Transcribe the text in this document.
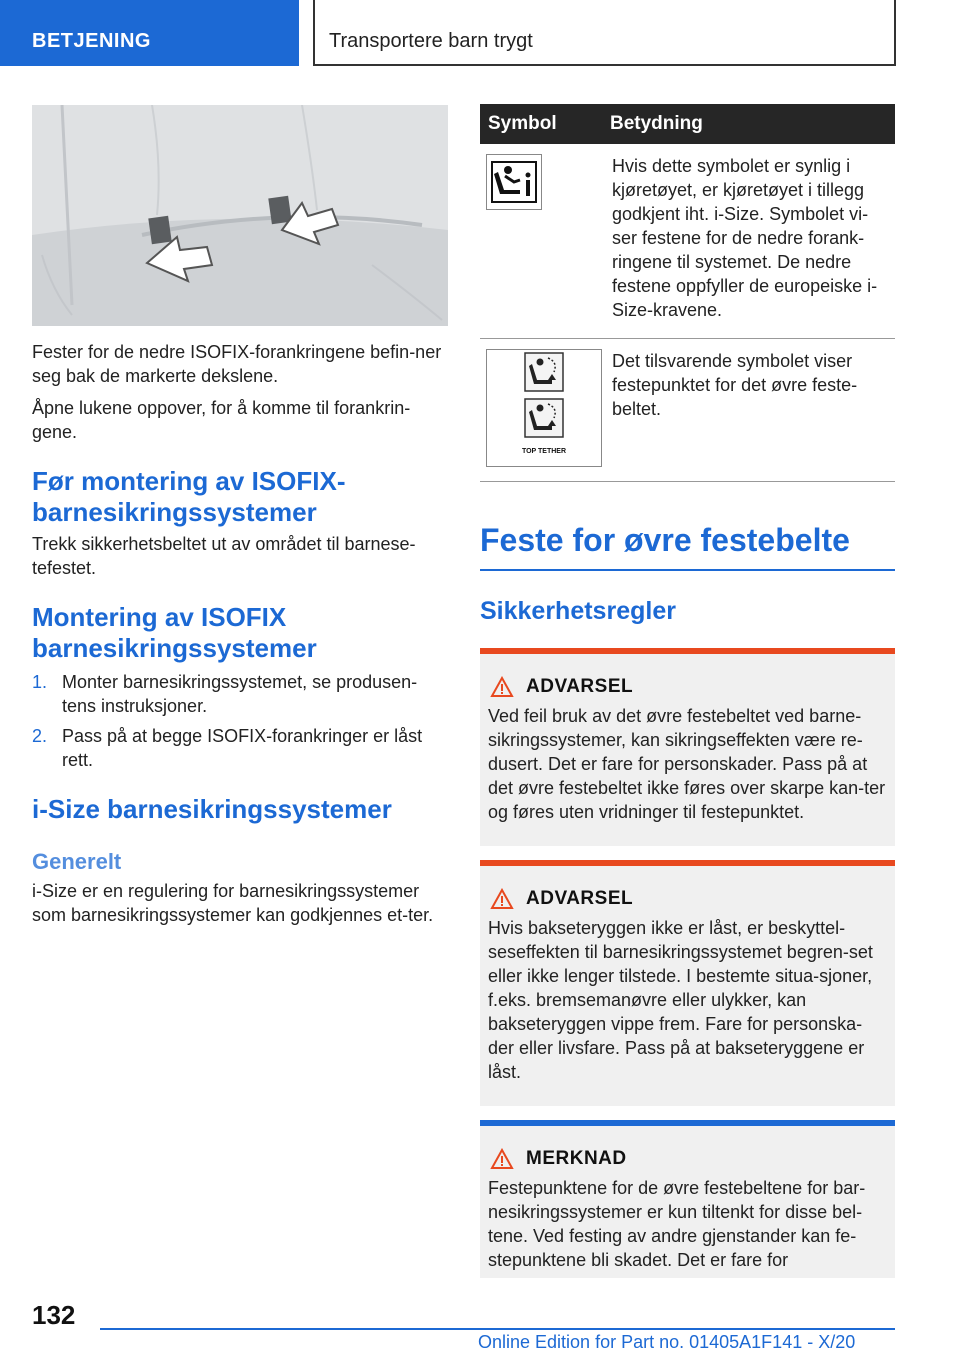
BETJENING	Transportere barn trygt

Fester for de nedre ISOFIX-forankringene befin-ner seg bak de markerte dekslene.

Åpne lukene oppover, for å komme til forankrin-gene.

Før montering av ISOFIX-barnesikringssystemer

Trekk sikkerhetsbeltet ut av området til barnese-tefestet.

Montering av ISOFIX barnesikringssystemer
1. Monter barnesikringssystemet, se produsen-tens instruksjoner.
2. Pass på at begge ISOFIX-forankringer er låst rett.
i-Size barnesikringssystemer
Generelt

i-Size er en regulering for barnesikringssystemer som barnesikringssystemer kan godkjennes et-ter.

Symbol	Betydning

	Hvis dette symbolet er synlig i kjøretøyet, er kjøretøyet i tillegg godkjent iht. i-Size. Symbolet vi-ser festene for de nedre forank-ringene til systemet. De nedre festene oppfyller de europeiske i-Size-kravene.

TOP TETHER	Det tilsvarende symbolet viser festepunktet for det øvre feste-beltet.
Feste for øvre festebelte
Sikkerhetsregler
ADVARSEL

Ved feil bruk av det øvre festebeltet ved barne-sikringssystemer, kan sikringseffekten være re-dusert. Det er fare for personskader. Pass på at det øvre festebeltet ikke føres over skarpe kan-ter og føres uten vridninger til festepunktet.

ADVARSEL

Hvis bakseteryggen ikke er låst, er beskyttel-seseffekten til barnesikringssystemet begren-set eller ikke lenger tilstede. I bestemte situa-sjoner, f.eks. bremsemanøvre eller ulykker, kan bakseteryggen vippe frem. Fare for personska-der eller livsfare. Pass på at bakseteryggene er låst.

MERKNAD

Festepunktene for de øvre festebeltene for bar-nesikringssystemer er kun tiltenkt for disse bel-tene. Ved festing av andre gjenstander kan fe-stepunktene bli skadet. Det er fare for

132
Online Edition for Part no. 01405A1F141 - X/20
